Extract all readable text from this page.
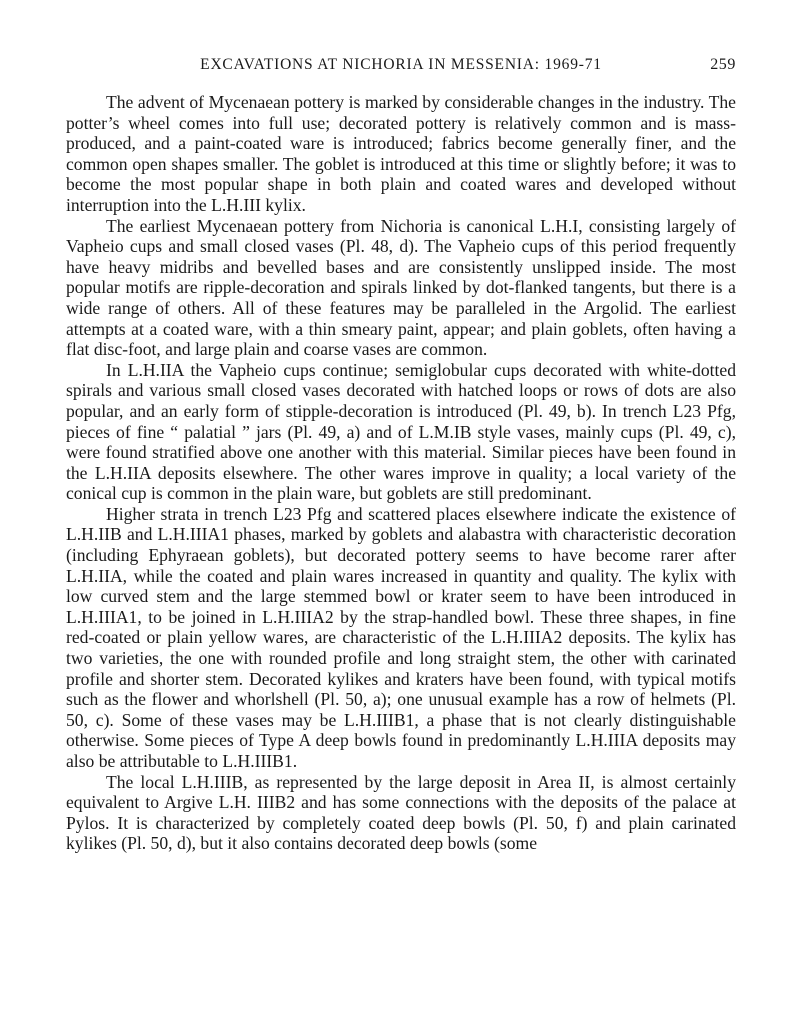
EXCAVATIONS AT NICHORIA IN MESSENIA: 1969-71	259

The advent of Mycenaean pottery is marked by considerable changes in the industry. The potter’s wheel comes into full use; decorated pottery is relatively common and is mass-produced, and a paint-coated ware is introduced; fabrics become generally finer, and the common open shapes smaller. The goblet is introduced at this time or slightly before; it was to become the most popular shape in both plain and coated wares and developed without interruption into the L.H.III kylix.

The earliest Mycenaean pottery from Nichoria is canonical L.H.I, consisting largely of Vapheio cups and small closed vases (Pl. 48, d). The Vapheio cups of this period frequently have heavy midribs and bevelled bases and are consistently unslipped inside. The most popular motifs are ripple-decoration and spirals linked by dot-flanked tangents, but there is a wide range of others. All of these features may be paralleled in the Argolid. The earliest attempts at a coated ware, with a thin smeary paint, appear; and plain goblets, often having a flat disc-foot, and large plain and coarse vases are common.

In L.H.IIA the Vapheio cups continue; semiglobular cups decorated with white-dotted spirals and various small closed vases decorated with hatched loops or rows of dots are also popular, and an early form of stipple-decoration is introduced (Pl. 49, b). In trench L23 Pfg, pieces of fine “ palatial ” jars (Pl. 49, a) and of L.M.IB style vases, mainly cups (Pl. 49, c), were found stratified above one another with this material. Similar pieces have been found in the L.H.IIA deposits elsewhere. The other wares improve in quality; a local variety of the conical cup is common in the plain ware, but goblets are still predominant.

Higher strata in trench L23 Pfg and scattered places elsewhere indicate the existence of L.H.IIB and L.H.IIIA1 phases, marked by goblets and alabastra with characteristic decoration (including Ephyraean goblets), but decorated pottery seems to have become rarer after L.H.IIA, while the coated and plain wares increased in quantity and quality. The kylix with low curved stem and the large stemmed bowl or krater seem to have been introduced in L.H.IIIA1, to be joined in L.H.IIIA2 by the strap-handled bowl. These three shapes, in fine red-coated or plain yellow wares, are characteristic of the L.H.IIIA2 deposits. The kylix has two varieties, the one with rounded profile and long straight stem, the other with carinated profile and shorter stem. Decorated kylikes and kraters have been found, with typical motifs such as the flower and whorlshell (Pl. 50, a); one unusual example has a row of helmets (Pl. 50, c). Some of these vases may be L.H.IIIB1, a phase that is not clearly distinguishable otherwise. Some pieces of Type A deep bowls found in predominantly L.H.IIIA deposits may also be attributable to L.H.IIIB1.

The local L.H.IIIB, as represented by the large deposit in Area II, is almost certainly equivalent to Argive L.H. IIIB2 and has some connections with the deposits of the palace at Pylos. It is characterized by completely coated deep bowls (Pl. 50, f) and plain carinated kylikes (Pl. 50, d), but it also contains decorated deep bowls (some
